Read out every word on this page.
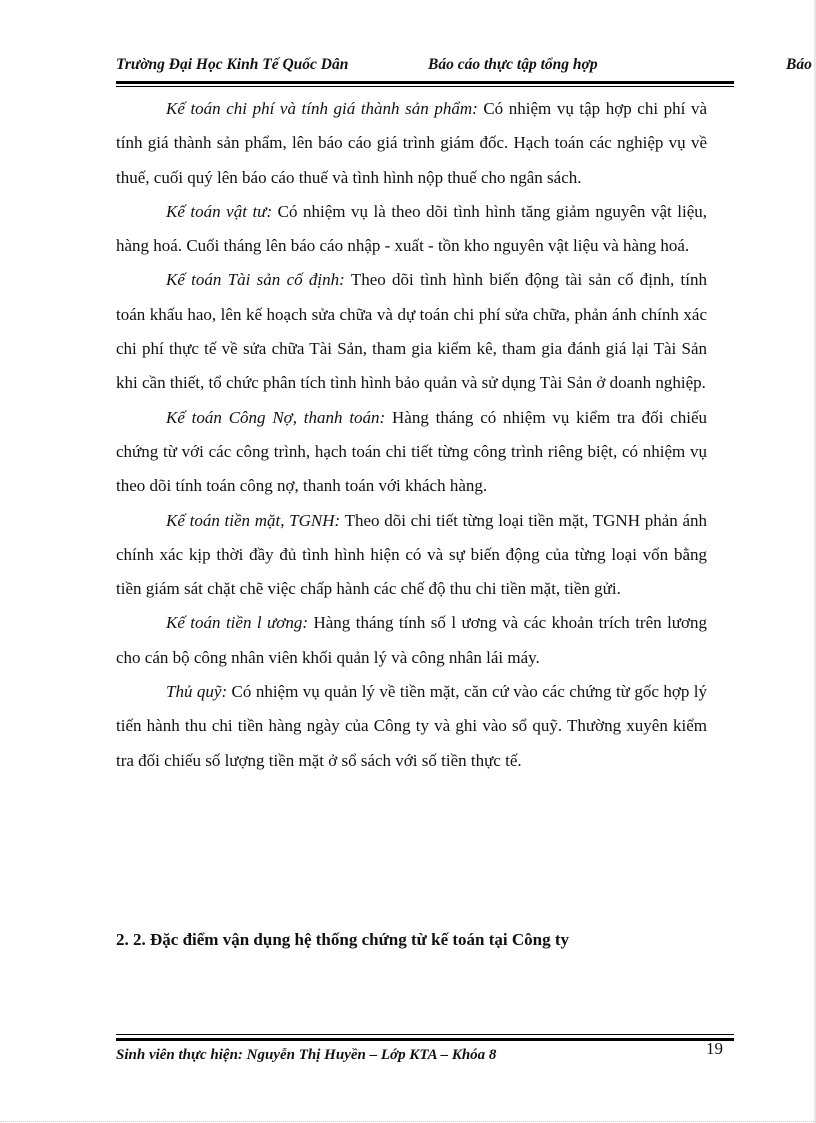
Trường Đại Học Kinh Tế Quốc Dân	Báo cáo thực tập tổng hợp	Báo

Kế toán chi phí và tính giá thành sản phẩm: Có nhiệm vụ tập hợp chi phí và tính giá thành sản phẩm, lên báo cáo giá trình giám đốc. Hạch toán các nghiệp vụ về thuế, cuối quý lên báo cáo thuế và tình hình nộp thuế cho ngân sách.

Kế toán vật tư: Có nhiệm vụ là theo dõi tình hình tăng giảm nguyên vật liệu, hàng hoá. Cuối tháng lên báo cáo nhập - xuất - tồn kho nguyên vật liệu và hàng hoá.

Kế toán Tài sản cố định: Theo dõi tình hình biến động tài sản cố định, tính toán khấu hao, lên kế hoạch sửa chữa và dự toán chi phí sửa chữa, phản ánh chính xác chi phí thực tế về sửa chữa Tài Sản, tham gia kiểm kê, tham gia đánh giá lại Tài Sản khi cần thiết, tổ chức phân tích tình hình bảo quản và sử dụng Tài Sản ở doanh nghiệp.

Kế toán Công Nợ, thanh toán: Hàng tháng có nhiệm vụ kiểm tra đối chiếu chứng từ với các công trình, hạch toán chi tiết từng công trình riêng biệt, có nhiệm vụ theo dõi tính toán công nợ, thanh toán với khách hàng.

Kế toán tiền mặt, TGNH: Theo dõi chi tiết từng loại tiền mặt, TGNH phản ánh chính xác kịp thời đầy đủ tình hình hiện có và sự biến động của từng loại vốn bằng tiền giám sát chặt chẽ việc chấp hành các chế độ thu chi tiền mặt, tiền gửi.

Kế toán tiền l ương: Hàng tháng tính số l ương và các khoản trích trên lương cho cán bộ công nhân viên khối quản lý và công nhân lái máy.

Thủ quỹ: Có nhiệm vụ quản lý về tiền mặt, căn cứ vào các chứng từ gốc hợp lý tiến hành thu chi tiền hàng ngày của Công ty và ghi vào sổ quỹ. Thường xuyên kiểm tra đối chiếu số lượng tiền mặt ở sổ sách với số tiền thực tế.

2. 2. Đặc điểm vận dụng hệ thống chứng từ kế toán tại Công ty
Sinh viên thực hiện: Nguyễn Thị Huyền – Lớp KTA – Khóa 8	19
